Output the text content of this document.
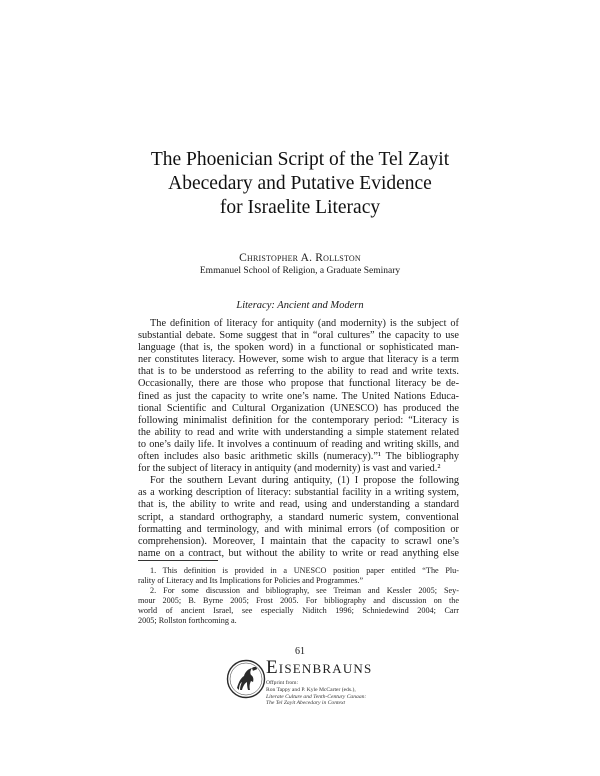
The Phoenician Script of the Tel Zayit
Abecedary and Putative Evidence
for Israelite Literacy
Christopher A. Rollston
Emmanuel School of Religion, a Graduate Seminary
Literacy: Ancient and Modern
The definition of literacy for antiquity (and modernity) is the subject of
substantial debate. Some suggest that in “oral cultures” the capacity to use
language (that is, the spoken word) in a functional or sophisticated man-
ner constitutes literacy. However, some wish to argue that literacy is a term
that is to be understood as referring to the ability to read and write texts.
Occasionally, there are those who propose that functional literacy be de-
fined as just the capacity to write one’s name. The United Nations Educa-
tional Scientific and Cultural Organization (UNESCO) has produced the
following minimalist definition for the contemporary period: “Literacy is
the ability to read and write with understanding a simple statement related
to one’s daily life. It involves a continuum of reading and writing skills, and
often includes also basic arithmetic skills (numeracy).”¹ The bibliography
for the subject of literacy in antiquity (and modernity) is vast and varied.²
For the southern Levant during antiquity, (1) I propose the following
as a working description of literacy: substantial facility in a writing system,
that is, the ability to write and read, using and understanding a standard
script, a standard orthography, a standard numeric system, conventional
formatting and terminology, and with minimal errors (of composition or
comprehension). Moreover, I maintain that the capacity to scrawl one’s
name on a contract, but without the ability to write or read anything else
1. This definition is provided in a UNESCO position paper entitled “The Plu-
rality of Literacy and Its Implications for Policies and Programmes.”
2. For some discussion and bibliography, see Treiman and Kessler 2005; Sey-
mour 2005; B. Byrne 2005; Frost 2005. For bibliography and discussion on the
world of ancient Israel, see especially Niditch 1996; Schniedewind 2004; Carr
2005; Rollston forthcoming a.
61
Eisenbrauns
Offprint from:
Ron Tappy and P. Kyle McCarter (eds.),
Literate Culture and Tenth-Century Canaan:
The Tel Zayit Abecedary in Context
